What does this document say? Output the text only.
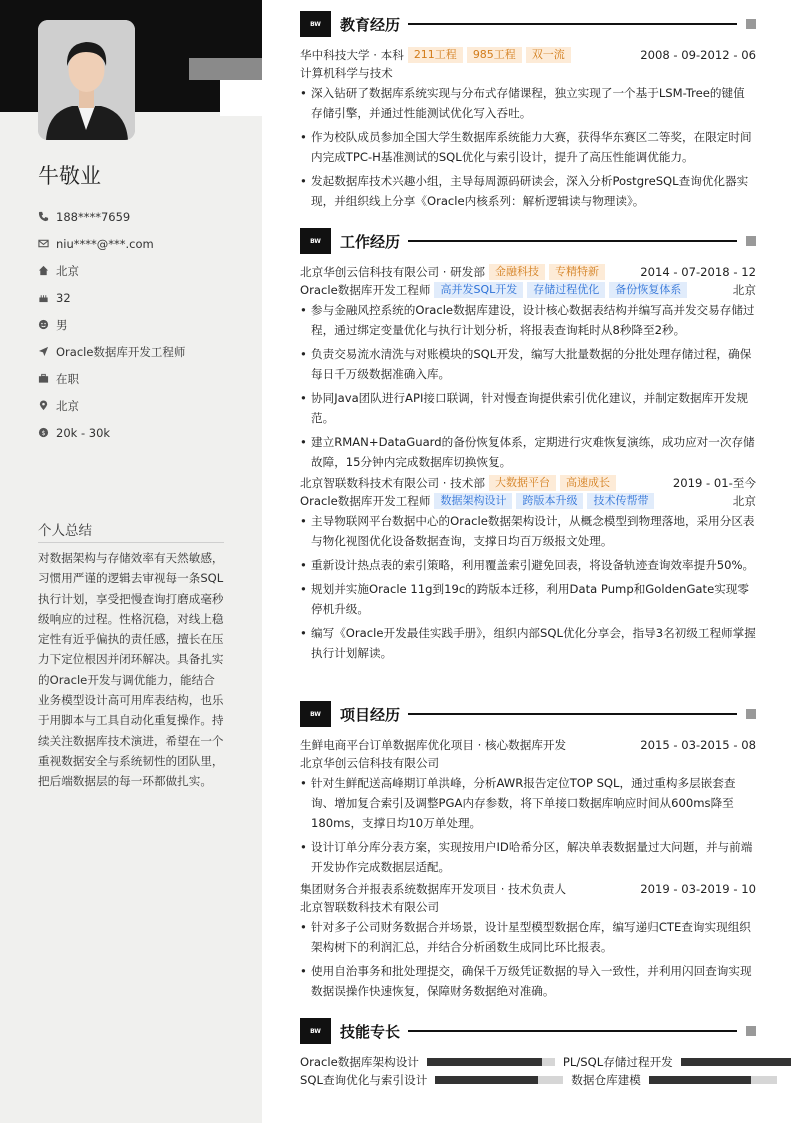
牛敬业
188****7659
niu****@***.com
北京
32
男
Oracle数据库开发工程师
在职
北京
$ 20k - 30k
个人总结
对数据架构与存储效率有天然敏感，习惯用严谨的逻辑去审视每一条SQL执行计划，享受把慢查询打磨成毫秒级响应的过程。性格沉稳，对线上稳定性有近乎偏执的责任感，擅长在压力下定位根因并闭环解决。具备扎实的Oracle开发与调优能力，能结合业务模型设计高可用库表结构，也乐于用脚本与工具自动化重复操作。持续关注数据库技术演进，希望在一个重视数据安全与系统韧性的团队里，把后端数据层的每一环都做扎实。
BW	教育经历
华中科技大学 · 本科 211工程	985工程	双一流	2008 - 09-2012 - 06
计算机科学与技术
• 深入钻研了数据库系统实现与分布式存储课程，独立实现了一个基于LSM-Tree的键值存储引擎，并通过性能测试优化写入吞吐。
• 作为校队成员参加全国大学生数据库系统能力大赛，获得华东赛区二等奖，在限定时间内完成TPC-H基准测试的SQL优化与索引设计，提升了高压性能调优能力。
• 发起数据库技术兴趣小组，主导每周源码研读会，深入分析PostgreSQL查询优化器实现，并组织线上分享《Oracle内核系列：解析逻辑读与物理读》。
BW	工作经历
北京华创云信科技有限公司 · 研发部 金融科技	专精特新	2014 - 07-2018 - 12
Oracle数据库开发工程师 高并发SQL开发	存储过程优化	备份恢复体系	北京
• 参与金融风控系统的Oracle数据库建设，设计核心数据表结构并编写高并发交易存储过程，通过绑定变量优化与执行计划分析，将报表查询耗时从8秒降至2秒。
• 负责交易流水清洗与对账模块的SQL开发，编写大批量数据的分批处理存储过程，确保每日千万级数据准确入库。
• 协同Java团队进行API接口联调，针对慢查询提供索引优化建议，并制定数据库开发规范。
• 建立RMAN+DataGuard的备份恢复体系，定期进行灾难恢复演练，成功应对一次存储故障，15分钟内完成数据库切换恢复。
北京智联数科技术有限公司 · 技术部 大数据平台	高速成长	2019 - 01-至今
Oracle数据库开发工程师 数据架构设计	跨版本升级	技术传帮带	北京
• 主导物联网平台数据中心的Oracle数据架构设计，从概念模型到物理落地，采用分区表与物化视图优化设备数据查询，支撑日均百万级报文处理。
• 重新设计热点表的索引策略，利用覆盖索引避免回表，将设备轨迹查询效率提升50%。
• 规划并实施Oracle 11g到19c的跨版本迁移，利用Data Pump和GoldenGate实现零停机升级。
• 编写《Oracle开发最佳实践手册》，组织内部SQL优化分享会，指导3名初级工程师掌握执行计划解读。
BW	项目经历
生鲜电商平台订单数据库优化项目 · 核心数据库开发	2015 - 03-2015 - 08
北京华创云信科技有限公司
• 针对生鲜配送高峰期订单洪峰，分析AWR报告定位TOP SQL，通过重构多层嵌套查询、增加复合索引及调整PGA内存参数，将下单接口数据库响应时间从600ms降至180ms，支撑日均10万单处理。
• 设计订单分库分表方案，实现按用户ID哈希分区，解决单表数据量过大问题，并与前端开发协作完成数据层适配。
集团财务合并报表系统数据库开发项目 · 技术负责人	2019 - 03-2019 - 10
北京智联数科技术有限公司
• 针对多子公司财务数据合并场景，设计星型模型数据仓库，编写递归CTE查询实现组织架构树下的利润汇总，并结合分析函数生成同比环比报表。
• 使用自治事务和批处理提交，确保千万级凭证数据的导入一致性，并利用闪回查询实现数据误操作快速恢复，保障财务数据绝对准确。
BW	技能专长
Oracle数据库架构设计	PL/SQL存储过程开发
SQL查询优化与索引设计	数据仓库建模
